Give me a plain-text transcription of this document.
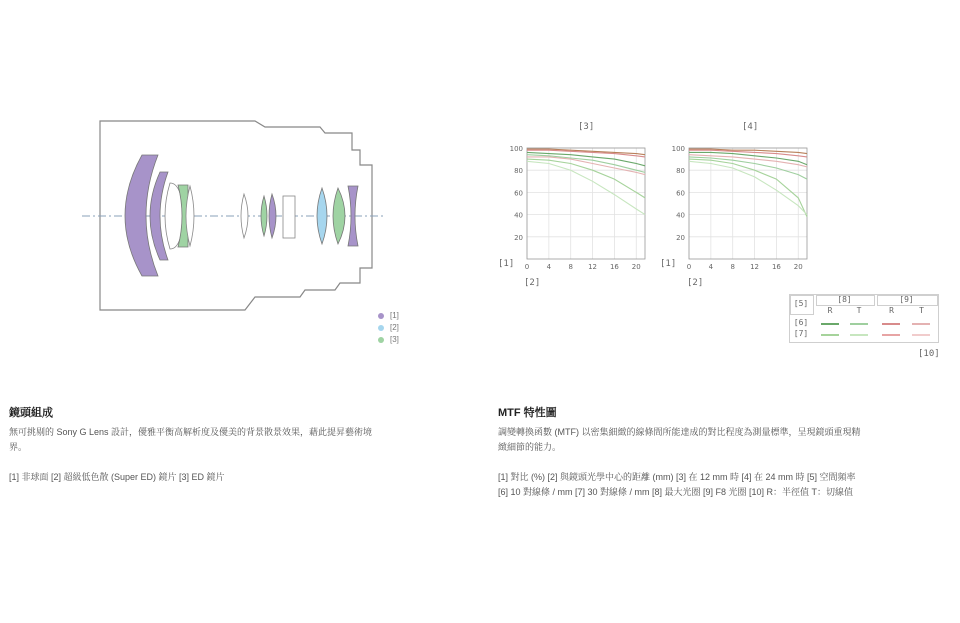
[1]
[2]
[3]
[3]	[4]
[1]	[1]
[2]	[2]
20
40
60
80
100
0 4 8 12 16 20
20
40
60
80
100
0 4 8 12 16 20
[5]	[8]	[9]
R	T	R	T
[6]
[7]
[10]
鏡頭組成

無可挑剔的 Sony G Lens 設計，優雅平衡高解析度及優美的背景散景效果，藉此提昇藝術境

界。

[1] 非球面 [2] 超級低色散 (Super ED) 鏡片 [3] ED 鏡片

MTF 特性圖

調變轉換函數 (MTF) 以密集細緻的線條間所能達成的對比程度為測量標準，呈現鏡頭重現精

緻細節的能力。

[1] 對比 (%) [2] 與鏡頭光學中心的距離 (mm) [3] 在 12 mm 時 [4] 在 24 mm 時 [5] 空間頻率

[6] 10 對線條 / mm [7] 30 對線條 / mm [8] 最大光圈 [9] F8 光圈 [10] R：半徑值 T：切線值
